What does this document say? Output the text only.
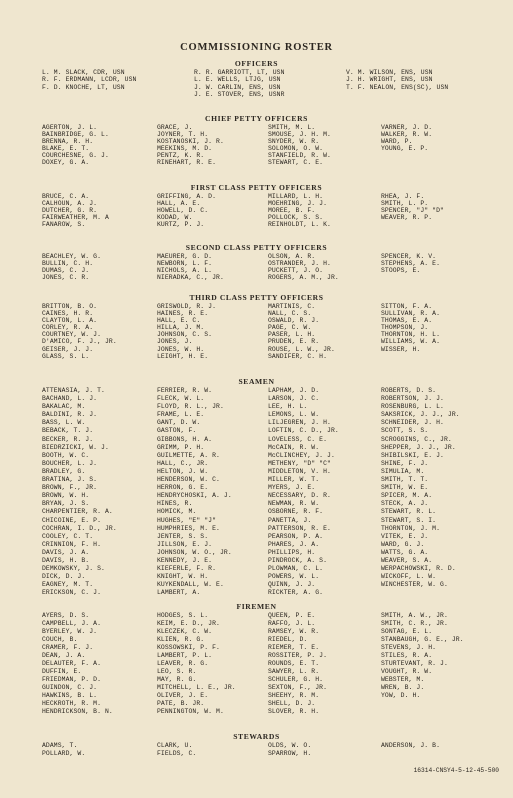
COMMISSIONING ROSTER
OFFICERS
L. M. SLACK, CDR, USN
R. F. ERDMANN, LCDR, USN
F. D. KNOCHE, LT, USN
R. R. GARRIOTT, LT, USN
L. E. WELLS, LTJG, USN
J. W. CARLIN, ENS, USN
J. E. STOVER, ENS, USNR
V. M. WILSON, ENS, USN
J. H. WRIGHT, ENS, USN
T. F. NEALON, ENS(SC), USN
CHIEF PETTY OFFICERS
AGERTON, J. L.
BAINBRIDGE, G. L.
BRENNA, R. H.
BLAKE, E. T.
COURCHESNE, G. J.
DOXEY, G. A.
GRACE, J.
JOYNER, T. H.
KOSTANOSKI, J. R.
MEEKINS, M. D.
PENTZ, K. R.
RINEHART, R. E.
SMITH, M. L.
SMOUSE, J. H. M.
SNYDER, W. R.
SOLOMON, O. W.
STANFIELD, R. W.
STEWART, C. E.
VARNER, J. D.
WALKER, R. W.
WARD, P.
YOUNG, E. P.
FIRST CLASS PETTY OFFICERS
BRUCE, C. A.
CALHOUN, A. J.
DUTCHER, G. R.
FAIRWEATHER, M. A
FANAROW, S.
GRIFFING, A. D.
HALL, A. E.
HOWELL, D. C.
KODAD, W.
KURTZ, P. J.
MILLARD, L. H.
MOEHRING, J. J.
MOREE, B. F.
POLLOCK, S. S.
REINHOLDT, L. K.
RHEA, J. F.
SMITH, L. P.
SPENCER, "J" "D"
WEAVER, R. P.
SECOND CLASS PETTY OFFICERS
BEACHLEY, W. G.
BULLIN, C. H.
DUMAS, C. J.
JONES, C. R.
MAEURER, G. D.
NEWBORN, L. F.
NICHOLS, A. L.
NIERADKA, C., JR.
OLSON, A. R.
OSTRANDER, J. H.
PUCKETT, J. O.
ROGERS, A. M., JR.
SPENCER, K. V.
STEPHENS, A. E.
STOOPS, E.
THIRD CLASS PETTY OFFICERS
BRITTON, B. O.
CAINES, H. R.
CLAYTON, L. A.
CORLEY, R. A.
COURTNEY, W. J.
D'AMICO, F. J., JR.
GEISER, J. J.
GLASS, S. L.
GRISWOLD, R. J.
HAINES, R. E.
HALL, E. C.
HILLA, J. M.
JOHNSON, C. S.
JONES, J.
JONES, W. H.
LEIGHT, H. E.
MARTINIS, C.
NALL, C. S.
OSWALD, R. J.
PAGE, C. W.
PASER, L. H.
PRUDEN, E. R.
ROUSE, L. W., JR.
SANDIFER, C. H.
SITTON, F. A.
SULLIVAN, R. A.
THOMAS, E. A.
THOMPSON, J.
THORNTON, H. L.
WILLIAMS, W. A.
WISSER, H.
SEAMEN
ATTENASIA, J. T.
BACHAND, L. J.
BAKALAC, M.
BALDINI, R. J.
BASS, L. W.
BEBACK, T. J.
BECKER, R. J.
BIEDRZICKI, W. J.
BOOTH, W. C.
BOUCHER, L. J.
BRADLEY, G.
BRATINA, J. S.
BROWN, F., JR.
BROWN, W. H.
BRYAN, J. S.
CHARPENTIER, R. A.
CHICOINE, E. P.
COCHRAN, I. D., JR.
COOLEY, C. T.
CRINNION, F. H.
DAVIS, J. A.
DAVIS, H. B.
DEMKOWSKY, J. S.
DICK, D. J.
EAGNEY, M. T.
ERICKSON, C. J.
FERRIER, R. W.
FLECK, W. L.
FLOYD, R. L., JR.
FRAME, L. E.
GANT, D. W.
GASTON, F.
GIBBONS, H. A.
GRIMM, P. H.
GUILMETTE, A. R.
HALL, C., JR.
HELTON, J. W.
HENDERSON, W. C.
HERRON, G. E.
HENDRYCHOSKI, A. J.
HINES, R.
HOMICK, M.
HUGHES, "E" "J"
HUMPHRIES, M. E.
JENTER, S. S.
JILLSON, E. J.
JOHNSON, W. O., JR.
KENNEDY, J. E.
KIEFERLE, F. R.
KNIGHT, W. H.
KUYKENDALL, W. E.
LAMBERT, A.
LAPHAM, J. D.
LARSON, J. C.
LEE, H. L.
LEMONS, L. W.
LILJEGREN, J. H.
LOFTIN, C. D., JR.
LOVELESS, C. E.
McCAIN, R. W.
McCLINCHEY, J. J.
METHENY, "D" "C"
MIDDLETON, V. H.
MILLER, W. T.
MYERS, J. E.
NECESSARY, D. R.
NEWMAN, R. W.
OSBORNE, R. F.
PANETTA, J.
PATTERSON, R. E.
PEARSON, P. A.
PHARES, J. A.
PHILLIPS, H.
PINDROCK, A. S.
PLOWMAN, C. L.
POWERS, W. L.
QUINN, J. J.
RICKTER, A. G.
ROBERTS, D. S.
ROBERTSON, J. J.
ROSENBURG, L. L.
SAKSRICK, J. J., JR.
SCHNEIDER, J. H.
SCOTT, S. S.
SCROGGINS, C., JR.
SHEPPER, J. J., JR.
SHIBILSKI, E. J.
SHINE, F. J.
SIMULIA, M.
SMITH, T. T.
SMITH, W. E.
SPICER, M. A.
STECK, A. J.
STEWART, R. L.
STEWART, S. I.
THORNTON, J. M.
VITEK, E. J.
WARD, G. J.
WATTS, G. A.
WEAVER, S. A.
WERPACHOWSKI, R. D.
WICKOFF, L. W.
WINCHESTER, W. G.
FIREMEN
AYERS, D. S.
CAMPBELL, J. A.
BYERLEY, W. J.
COUCH, B.
CRAMER, F. J.
DEAN, J. A.
DELAUTER, F. A.
DUFFIN, E.
FRIEDMAN, P. D.
GUINDON, C. J.
HAWKINS, B. L.
HECKROTH, R. M.
HENDRICKSON, B. N.
HODGES, S. L.
KEIM, E. D., JR.
KLECZEK, C. W.
KLIEN, R. G.
KOSSOWSKI, P. F.
LAMBERT, P. L.
LEAVER, R. G.
LEO, S. R.
MAY, R. G.
MITCHELL, L. E., JR.
OLIVER, J. E.
PATE, B. JR.
PENNINGTON, W. M.
QUEEN, P. E.
RAFFO, J. L.
RAMSEY, W. R.
RIEDEL, D.
RIEMER, T. E.
ROSSITER, P. J.
ROUNDS, E. T.
SAWYER, L. R.
SCHULER, G. H.
SEXTON, F., JR.
SHEEHY, R. M.
SHELL, D. J.
SLOVER, R. H.
SMITH, A. W., JR.
SMITH, C. R., JR.
SONTAG, E. L.
STANBAUGH, G. E., JR.
STEVENS, J. H.
STILES, R. A.
STURTEVANT, R. J.
VOUGHT, R. W.
WEBSTER, M.
WREN, B. J.
YOW, D. H.
STEWARDS
ADAMS, T.
POLLARD, W.
CLARK, U.
FIELDS, C.
OLDS, W. O.
SPARROW, H.
ANDERSON, J. B.
16314-CNSY4-5-12-45-500
